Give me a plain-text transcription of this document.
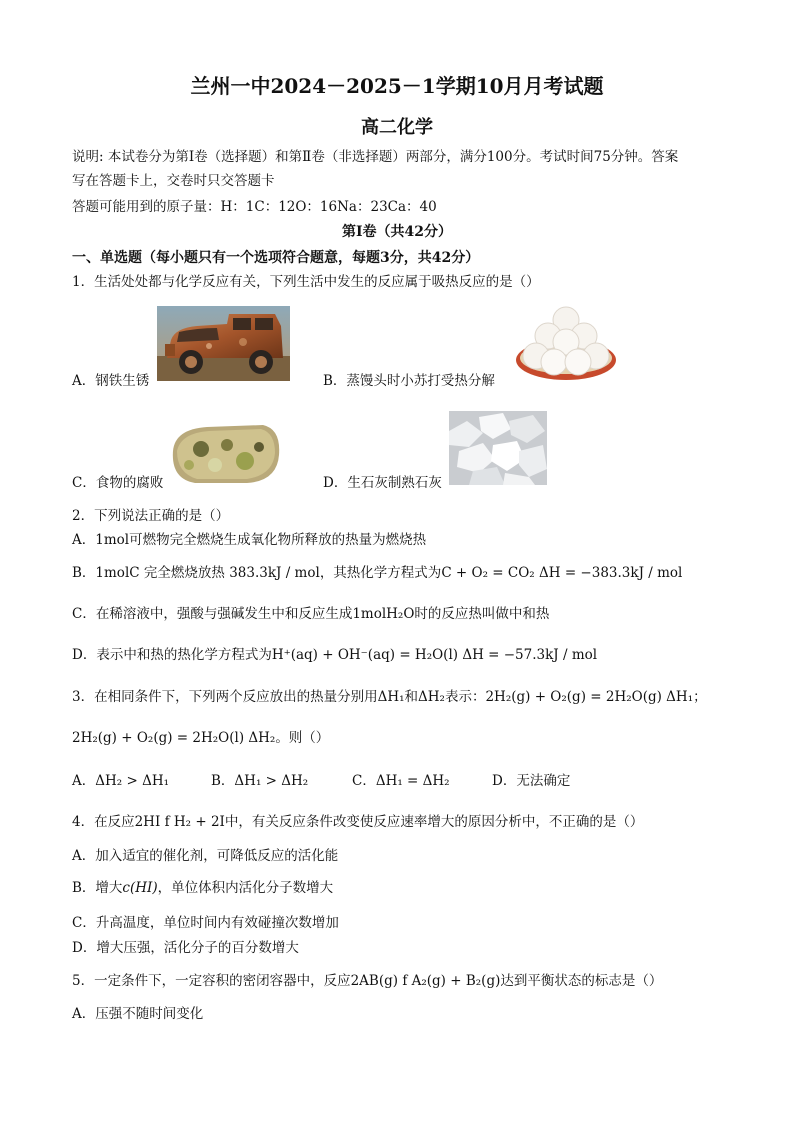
兰州一中2024－2025－1学期10月月考试题
高二化学
说明: 本试卷分为第Ⅰ卷（选择题）和第Ⅱ卷（非选择题）两部分，满分100分。考试时间75分钟。答案
写在答题卡上，交卷时只交答题卡
答题可能用到的原子量：H：1C：12O：16Na：23Ca：40
第Ⅰ卷（共42分）
一、单选题（每小题只有一个选项符合题意，每题3分，共42分）
1．生活处处都与化学反应有关，下列生活中发生的反应属于吸热反应的是（）
A．钢铁生锈	B．蒸馒头时小苏打受热分解
C．食物的腐败	D．生石灰制熟石灰
2．下列说法正确的是（）
A．1mol可燃物完全燃烧生成氧化物所释放的热量为燃烧热
B．1molC 完全燃烧放热 383.3kJ / mol，其热化学方程式为C + O₂ = CO₂ ΔH = −383.3kJ / mol
C．在稀溶液中，强酸与强碱发生中和反应生成1molH₂O时的反应热叫做中和热
D．表示中和热的热化学方程式为H⁺(aq) + OH⁻(aq) = H₂O(l) ΔH = −57.3kJ / mol
3．在相同条件下，下列两个反应放出的热量分别用ΔH₁和ΔH₂表示：2H₂(g) + O₂(g) = 2H₂O(g) ΔH₁；
2H₂(g) + O₂(g) = 2H₂O(l) ΔH₂。则（）
A．ΔH₂ > ΔH₁	B．ΔH₁ > ΔH₂	C．ΔH₁ = ΔH₂	D．无法确定
4．在反应2HI f H₂ + 2I中，有关反应条件改变使反应速率增大的原因分析中，不正确的是（）
A．加入适宜的催化剂，可降低反应的活化能
B．增大c(HI)，单位体积内活化分子数增大
C．升高温度，单位时间内有效碰撞次数增加
D．增大压强，活化分子的百分数增大
5．一定条件下，一定容积的密闭容器中，反应2AB(g) f A₂(g) + B₂(g)达到平衡状态的标志是（）
A．压强不随时间变化
